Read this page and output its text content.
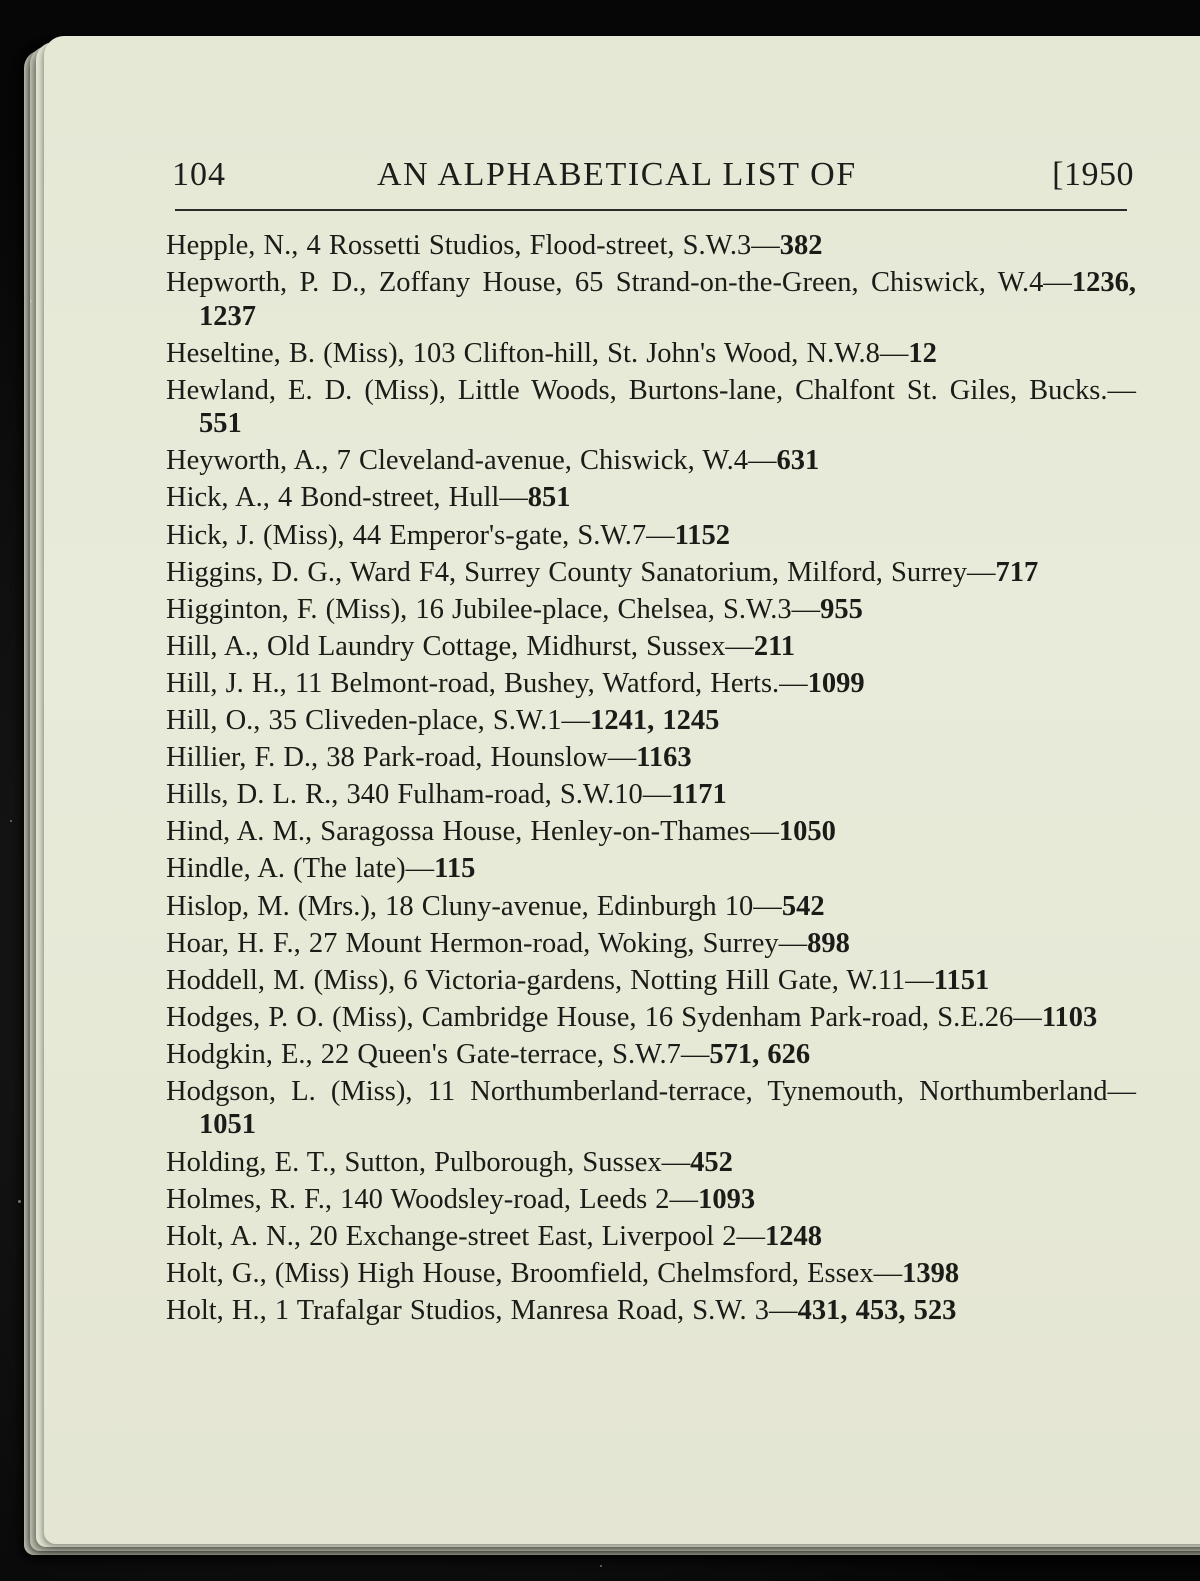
104	AN ALPHABETICAL LIST OF	[1950
Hepple, N., 4 Rossetti Studios, Flood-street, S.W.3—382
Hepworth, P. D., Zoffany House, 65 Strand-on-the-Green, Chiswick, W.4—1236, 1237
Heseltine, B. (Miss), 103 Clifton-hill, St. John's Wood, N.W.8—12
Hewland, E. D. (Miss), Little Woods, Burtons-lane, Chalfont St. Giles, Bucks.—551
Heyworth, A., 7 Cleveland-avenue, Chiswick, W.4—631
Hick, A., 4 Bond-street, Hull—851
Hick, J. (Miss), 44 Emperor's-gate, S.W.7—1152
Higgins, D. G., Ward F4, Surrey County Sanatorium, Milford, Surrey—717
Higginton, F. (Miss), 16 Jubilee-place, Chelsea, S.W.3—955
Hill, A., Old Laundry Cottage, Midhurst, Sussex—211
Hill, J. H., 11 Belmont-road, Bushey, Watford, Herts.—1099
Hill, O., 35 Cliveden-place, S.W.1—1241, 1245
Hillier, F. D., 38 Park-road, Hounslow—1163
Hills, D. L. R., 340 Fulham-road, S.W.10—1171
Hind, A. M., Saragossa House, Henley-on-Thames—1050
Hindle, A. (The late)—115
Hislop, M. (Mrs.), 18 Cluny-avenue, Edinburgh 10—542
Hoar, H. F., 27 Mount Hermon-road, Woking, Surrey—898
Hoddell, M. (Miss), 6 Victoria-gardens, Notting Hill Gate, W.11—1151
Hodges, P. O. (Miss), Cambridge House, 16 Sydenham Park-road, S.E.26—1103
Hodgkin, E., 22 Queen's Gate-terrace, S.W.7—571, 626
Hodgson, L. (Miss), 11 Northumberland-terrace, Tynemouth, Northumberland—1051
Holding, E. T., Sutton, Pulborough, Sussex—452
Holmes, R. F., 140 Woodsley-road, Leeds 2—1093
Holt, A. N., 20 Exchange-street East, Liverpool 2—1248
Holt, G., (Miss) High House, Broomfield, Chelmsford, Essex—1398
Holt, H., 1 Trafalgar Studios, Manresa Road, S.W. 3—431, 453, 523
